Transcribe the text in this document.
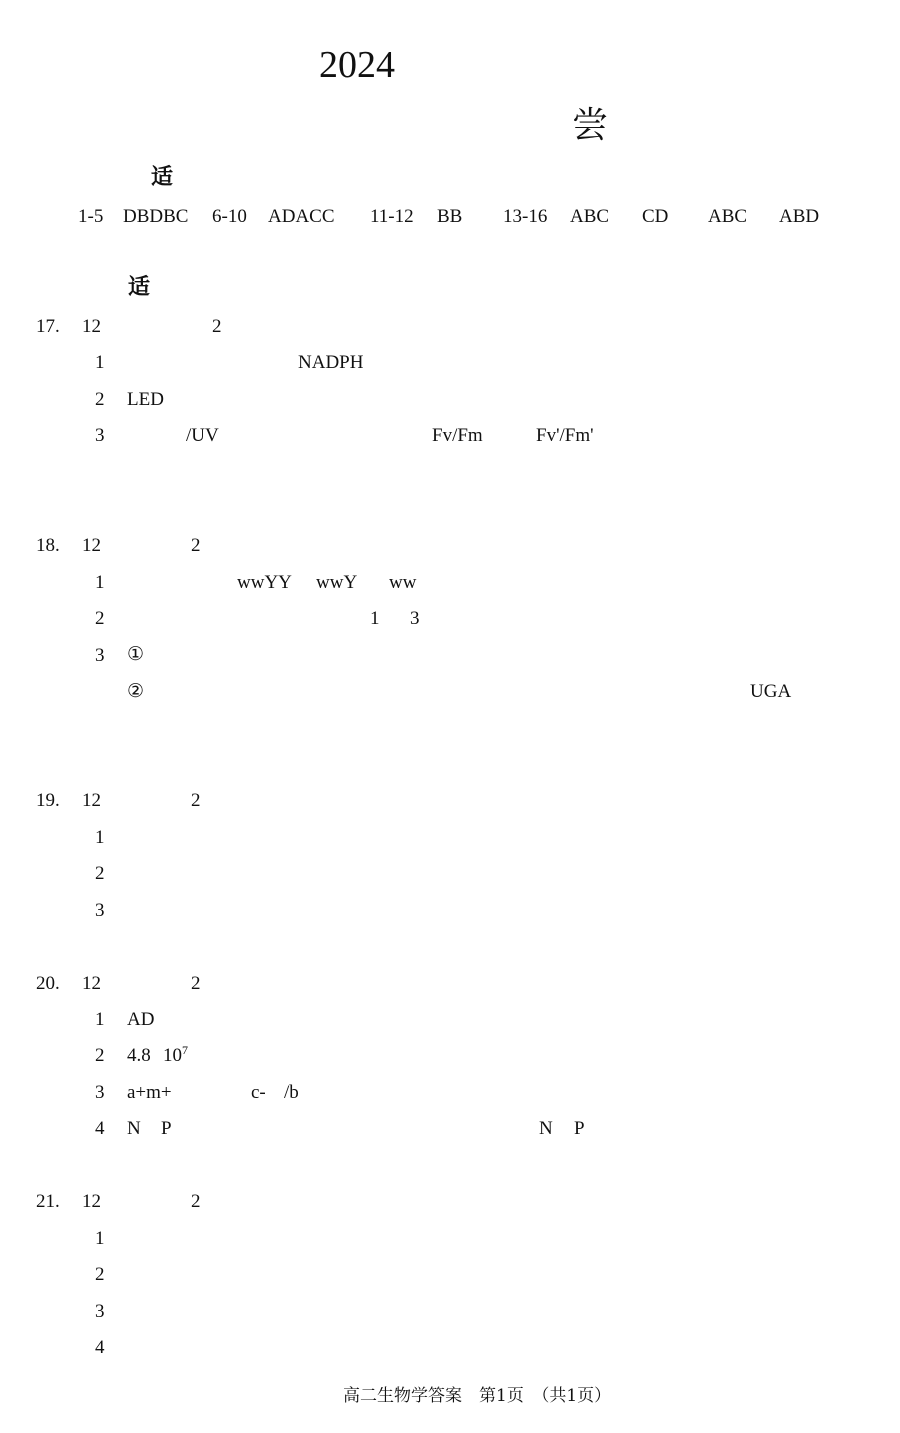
2024
尝
适
1-5 DBDBC 6-10 ADACC 11-12 BB 13-16 ABC CD ABC ABD
适
17. 12	2
1	NADPH
2 LED
3	/UV	Fv/Fm	Fv'/Fm'
18. 12	2
1	wwYY wwY ww
2	1 3
3 ①
②	UGA
19. 12	2
1
2
3
20. 12	2
1 AD
2 4.8 $10^7$
3 a+m+	c- /b
4 N P	N P
21. 12	2
1
2
3
4
高二生物学答案　第1页　（共1页）
